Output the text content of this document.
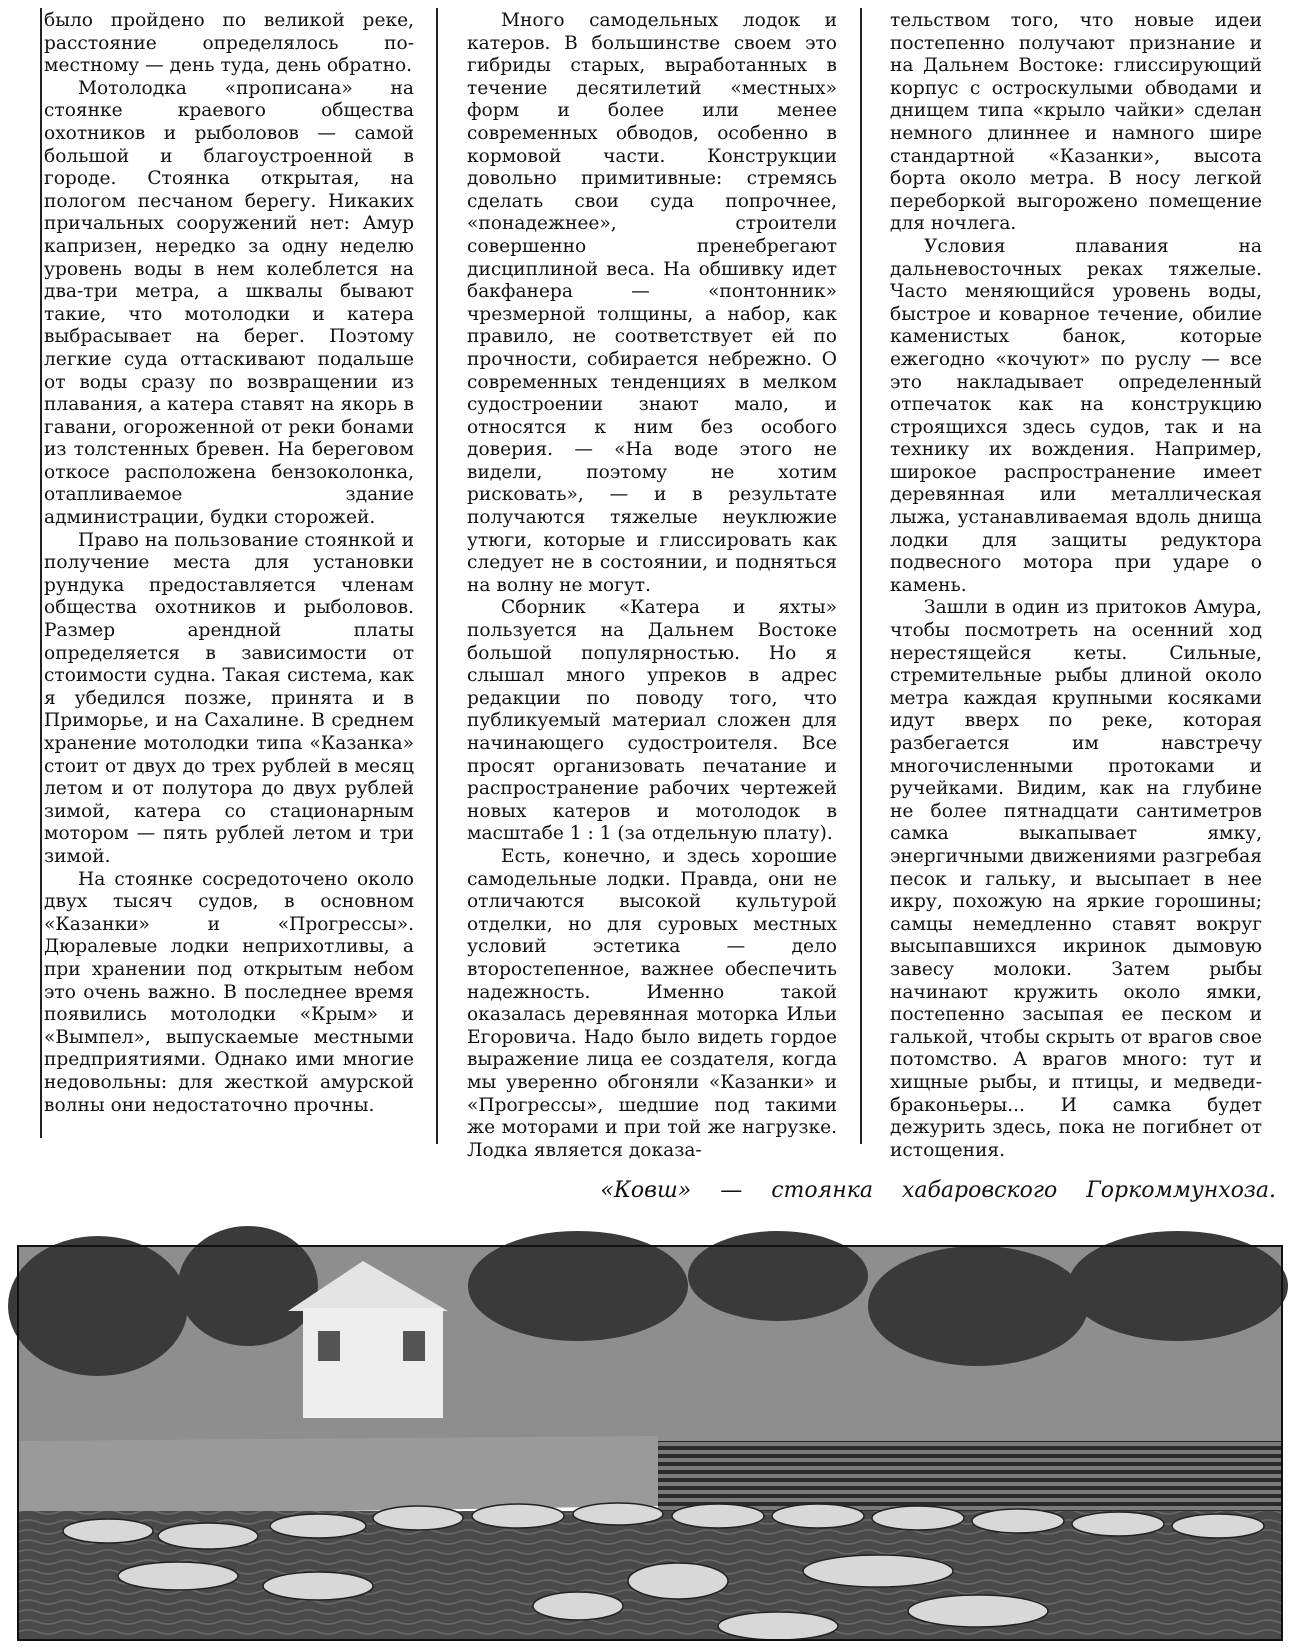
было пройдено по великой реке, расстояние определялось по-местному — день туда, день обратно.

Мотолодка «прописана» на стоянке краевого общества охотников и рыболовов — самой большой и благоустроенной в городе. Стоянка открытая, на пологом песчаном берегу. Никаких причальных сооружений нет: Амур капризен, нередко за одну неделю уровень воды в нем колеблется на два-три метра, а шквалы бывают такие, что мотолодки и катера выбрасывает на берег. Поэтому легкие суда оттаскивают подальше от воды сразу по возвращении из плавания, а катера ставят на якорь в гавани, огороженной от реки бонами из толстенных бревен. На береговом откосе расположена бензоколонка, отапливаемое здание администрации, будки сторожей.

Право на пользование стоянкой и получение места для установки рундука предоставляется членам общества охотников и рыболовов. Размер арендной платы определяется в зависимости от стоимости судна. Такая система, как я убедился позже, принята и в Приморье, и на Сахалине. В среднем хранение мотолодки типа «Казанка» стоит от двух до трех рублей в месяц летом и от полутора до двух рублей зимой, катера со стационарным мотором — пять рублей летом и три зимой.

На стоянке сосредоточено около двух тысяч судов, в основном «Казанки» и «Прогрессы». Дюралевые лодки неприхотливы, а при хранении под открытым небом это очень важно. В последнее время появились мотолодки «Крым» и «Вымпел», выпускаемые местными предприятиями. Однако ими многие недовольны: для жесткой амурской волны они недостаточно прочны.

Много самодельных лодок и катеров. В большинстве своем это гибриды старых, выработанных в течение десятилетий «местных» форм и более или менее современных обводов, особенно в кормовой части. Конструкции довольно примитивные: стремясь сделать свои суда попрочнее, «понадежнее», строители совершенно пренебрегают дисциплиной веса. На обшивку идет бакфанера — «понтонник» чрезмерной толщины, а набор, как правило, не соответствует ей по прочности, собирается небрежно. О современных тенденциях в мелком судостроении знают мало, и относятся к ним без особого доверия. — «На воде этого не видели, поэтому не хотим рисковать», — и в результате получаются тяжелые неуклюжие утюги, которые и глиссировать как следует не в состоянии, и подняться на волну не могут.

Сборник «Катера и яхты» пользуется на Дальнем Востоке большой популярностью. Но я слышал много упреков в адрес редакции по поводу того, что публикуемый материал сложен для начинающего судостроителя. Все просят организовать печатание и распространение рабочих чертежей новых катеров и мотолодок в масштабе 1 : 1 (за отдельную плату).

Есть, конечно, и здесь хорошие самодельные лодки. Правда, они не отличаются высокой культурой отделки, но для суровых местных условий эстетика — дело второстепенное, важнее обеспечить надежность. Именно такой оказалась деревянная моторка Ильи Егоровича. Надо было видеть гордое выражение лица ее создателя, когда мы уверенно обгоняли «Казанки» и «Прогрессы», шедшие под такими же моторами и при той же нагрузке. Лодка является доказа-

тельством того, что новые идеи постепенно получают признание и на Дальнем Востоке: глиссирующий корпус с остроскулыми обводами и днищем типа «крыло чайки» сделан немного длиннее и намного шире стандартной «Казанки», высота борта около метра. В носу легкой переборкой выгорожено помещение для ночлега.

Условия плавания на дальневосточных реках тяжелые. Часто меняющийся уровень воды, быстрое и коварное течение, обилие каменистых банок, которые ежегодно «кочуют» по руслу — все это накладывает определенный отпечаток как на конструкцию строящихся здесь судов, так и на технику их вождения. Например, широкое распространение имеет деревянная или металлическая лыжа, устанавливаемая вдоль днища лодки для защиты редуктора подвесного мотора при ударе о камень.

Зашли в один из притоков Амура, чтобы посмотреть на осенний ход нерестящейся кеты. Сильные, стремительные рыбы длиной около метра каждая крупными косяками идут вверх по реке, которая разбегается им навстречу многочисленными протоками и ручейками. Видим, как на глубине не более пятнадцати сантиметров самка выкапывает ямку, энергичными движениями разгребая песок и гальку, и высыпает в нее икру, похожую на яркие горошины; самцы немедленно ставят вокруг высыпавшихся икринок дымовую завесу молоки. Затем рыбы начинают кружить около ямки, постепенно засыпая ее песком и галькой, чтобы скрыть от врагов свое потомство. А врагов много: тут и хищные рыбы, и птицы, и медведи-браконьеры... И самка будет дежурить здесь, пока не погибнет от истощения.

«Ковш» — стоянка хабаровского Горкоммунхоза.
